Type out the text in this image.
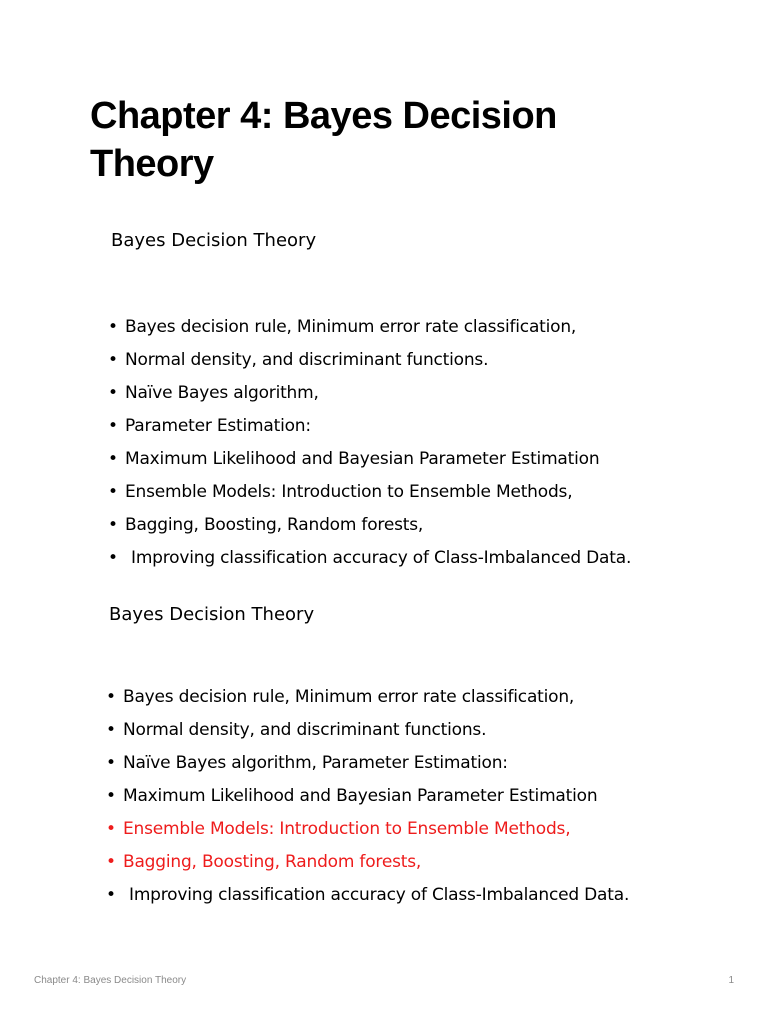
Chapter 4: Bayes Decision Theory
Bayes Decision Theory
• Bayes decision rule, Minimum error rate classification,
• Normal density, and discriminant functions.
• Naïve Bayes algorithm,
• Parameter Estimation:
• Maximum Likelihood and Bayesian Parameter Estimation
• Ensemble Models: Introduction to Ensemble Methods,
• Bagging, Boosting, Random forests,
• Improving classification accuracy of Class-Imbalanced Data.
Bayes Decision Theory
• Bayes decision rule, Minimum error rate classification,
• Normal density, and discriminant functions.
• Naïve Bayes algorithm, Parameter Estimation:
• Maximum Likelihood and Bayesian Parameter Estimation
• Ensemble Models: Introduction to Ensemble Methods,
• Bagging, Boosting, Random forests,
• Improving classification accuracy of Class-Imbalanced Data.
Chapter 4: Bayes Decision Theory	1
